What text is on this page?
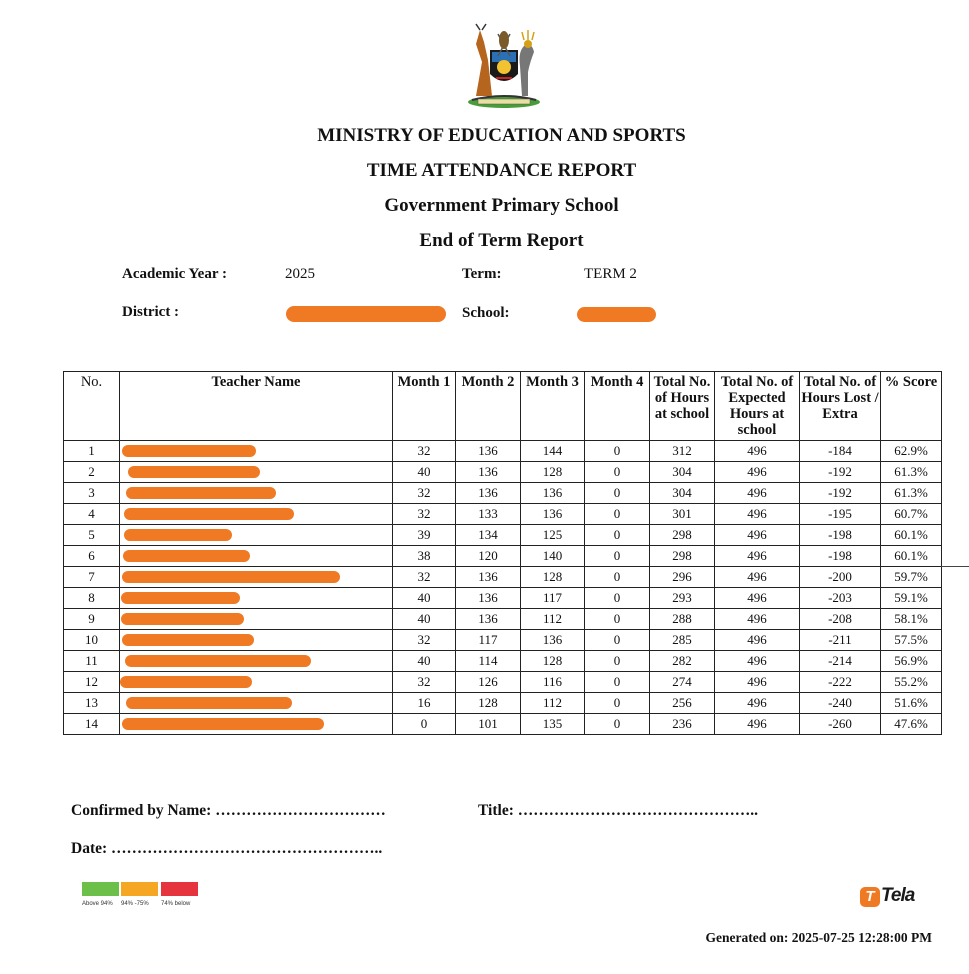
MINISTRY OF EDUCATION AND SPORTS
TIME ATTENDANCE REPORT
Government Primary School
End of Term Report
Academic Year :	2025	Term:	TERM 2
District :	School:
No.	Teacher Name	Month 1	Month 2	Month 3	Month 4	Total No. of Hours at school	Total No. of Expected Hours at school	Total No. of Hours Lost / Extra	% Score
1		32	136	144	0	312	496	-184	62.9%
2		40	136	128	0	304	496	-192	61.3%
3		32	136	136	0	304	496	-192	61.3%
4		32	133	136	0	301	496	-195	60.7%
5		39	134	125	0	298	496	-198	60.1%
6		38	120	140	0	298	496	-198	60.1%
7		32	136	128	0	296	496	-200	59.7%
8		40	136	117	0	293	496	-203	59.1%
9		40	136	112	0	288	496	-208	58.1%
10		32	117	136	0	285	496	-211	57.5%
11		40	114	128	0	282	496	-214	56.9%
12		32	126	116	0	274	496	-222	55.2%
13		16	128	112	0	256	496	-240	51.6%
14		0	101	135	0	236	496	-260	47.6%
Confirmed by Name: ……………………………	Title: ………………………………………..
Date: ……………………………………………..
Above 94% 94% -75% 74% below	T Tela
Generated on: 2025-07-25 12:28:00 PM
